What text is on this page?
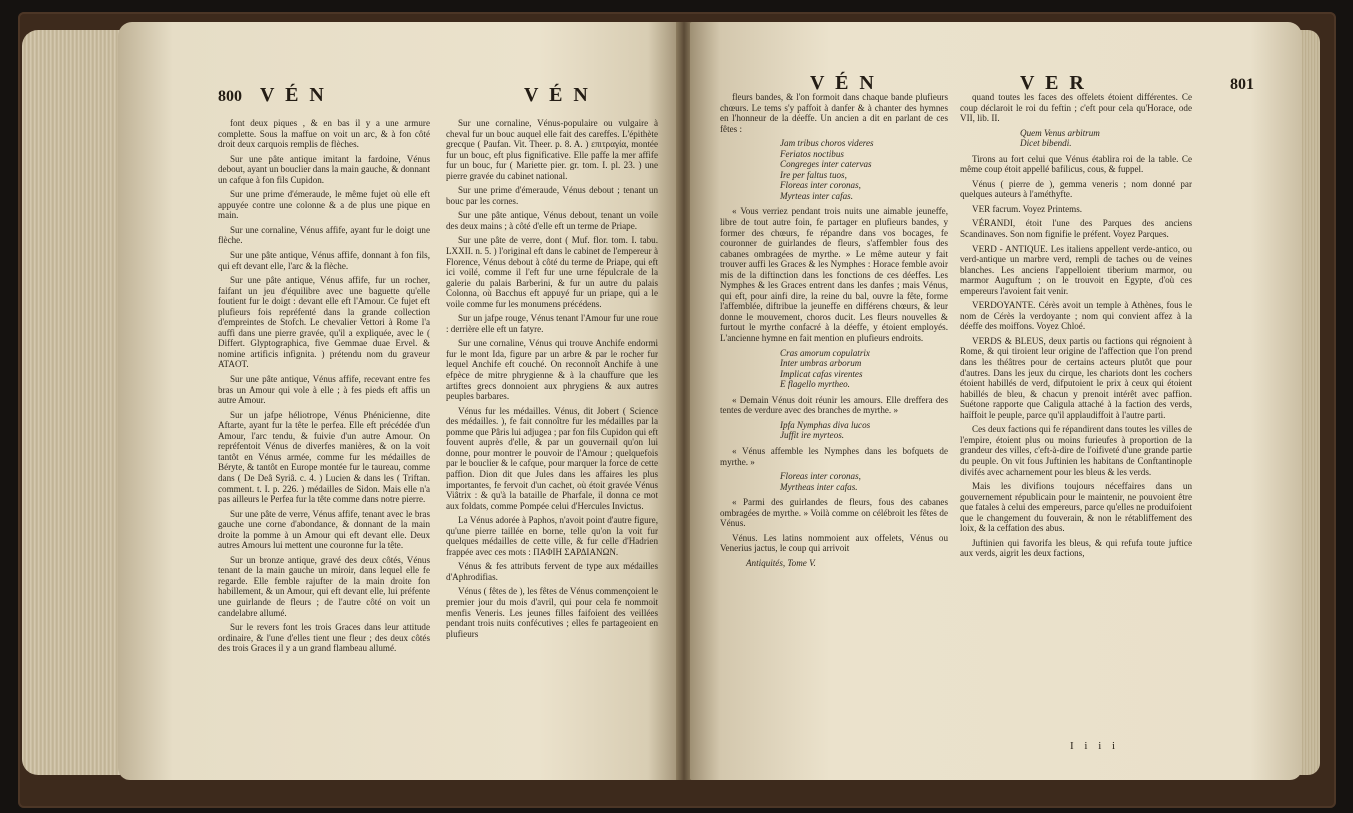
800 V É N	V É N

font deux piques , & en bas il y a une armure complette. Sous la maffue on voit un arc, & à fon côté droit deux carquois remplis de flèches.

Sur une pâte antique imitant la fardoine, Vénus debout, ayant un bouclier dans la main gauche, & donnant un cafque à fon fils Cupidon.

Sur une prime d'émeraude, le même fujet où elle eft appuyée contre une colonne & a de plus une pique en main.

Sur une cornaline, Vénus affife, ayant fur le doigt une flèche.

Sur une pâte antique, Vénus affife, donnant à fon fils, qui eft devant elle, l'arc & la flèche.

Sur une pâte antique, Vénus affife, fur un rocher, faifant un jeu d'équilibre avec une baguette qu'elle foutient fur le doigt : devant elle eft l'Amour. Ce fujet eft plufieurs fois repréfenté dans la grande collection d'empreintes de Stofch. Le chevalier Vettori à Rome l'a auffi dans une pierre gravée, qu'il a expliquée, avec le ( Differt. Glyptographica, five Gemmae duae Ervel. & nomine artificis infignita. ) prétendu nom du graveur ATAOT.

Sur une pâte antique, Vénus affife, recevant entre fes bras un Amour qui vole à elle ; à fes pieds eft affis un autre Amour.

Sur un jafpe héliotrope, Vénus Phénicienne, dite Aftarte, ayant fur la tête le perfea. Elle eft précédée d'un Amour, l'arc tendu, & fuivie d'un autre Amour. On repréfentoit Vénus de diverfes manières, & on la voit tantôt en Vénus armée, comme fur les médailles de Béryte, & tantôt en Europe montée fur le taureau, comme dans ( De Deâ Syriâ. c. 4. ) Lucien & dans les ( Triftan. comment. t. I. p. 226. ) médailles de Sidon. Mais elle n'a pas ailleurs le Perfea fur la tête comme dans notre pierre.

Sur une pâte de verre, Vénus affife, tenant avec le bras gauche une corne d'abondance, & donnant de la main droite la pomme à un Amour qui eft devant elle. Deux autres Amours lui mettent une couronne fur la tête.

Sur un bronze antique, gravé des deux côtés, Vénus tenant de la main gauche un miroir, dans lequel elle fe regarde. Elle femble rajufter de la main droite fon habillement, & un Amour, qui eft devant elle, lui préfente une guirlande de fleurs ; de l'autre côté on voit un candelabre allumé.

Sur le revers font les trois Graces dans leur attitude ordinaire, & l'une d'elles tient une fleur ; des deux côtés des trois Graces il y a un grand flambeau allumé.

Sur une cornaline, Vénus-populaire ou vulgaire à cheval fur un bouc auquel elle fait des careffes. L'épithète grecque ( Paufan. Vit. Theer. p. 8. A. ) επιτραγία, montée fur un bouc, eft plus fignificative. Elle paffe la mer affife fur un bouc, fur ( Mariette pier. gr. tom. I. pl. 23. ) une pierre gravée du cabinet national.

Sur une prime d'émeraude, Vénus debout ; tenant un bouc par les cornes.

Sur une pâte antique, Vénus debout, tenant un voile des deux mains ; à côté d'elle eft un terme de Priape.

Sur une pâte de verre, dont ( Muf. flor. tom. I. tabu. LXXII. n. 5. ) l'original eft dans le cabinet de l'empereur à Florence, Vénus debout à côté du terme de Priape, qui eft ici voilé, comme il l'eft fur une urne fépulcrale de la galerie du palais Barberini, & fur un autre du palais Colonna, où Bacchus eft appuyé fur un priape, qui a le voile comme fur les monumens précédens.

Sur un jafpe rouge, Vénus tenant l'Amour fur une roue : derrière elle eft un fatyre.

Sur une cornaline, Vénus qui trouve Anchife endormi fur le mont Ida, figure par un arbre & par le rocher fur lequel Anchife eft couché. On reconnoît Anchife à une efpèce de mitre phrygienne & à la chauffure que les artiftes grecs donnoient aux phrygiens & aux autres peuples barbares.

Vénus fur les médailles. Vénus, dit Jobert ( Science des médailles. ), fe fait connoître fur les médailles par la pomme que Pâris lui adjugea ; par fon fils Cupidon qui eft fouvent auprès d'elle, & par un gouvernail qu'on lui donne, pour montrer le pouvoir de l'Amour ; quelquefois par le bouclier & le cafque, pour marquer la force de cette paffion. Dion dit que Jules dans les affaires les plus importantes, fe fervoit d'un cachet, où étoit gravée Vénus Viâtrix : & qu'à la bataille de Pharfale, il donna ce mot aux foldats, comme Pompée celui d'Hercules Invictus.

La Vénus adorée à Paphos, n'avoit point d'autre figure, qu'une pierre taillée en borne, telle qu'on la voit fur quelques médailles de cette ville, & fur celle d'Hadrien frappée avec ces mots : ΠΑΦΙΗ ΣΑΡΔΙΑΝΩΝ.

Vénus & fes attributs fervent de type aux médailles d'Aphrodifias.

Vénus ( fêtes de ), les fêtes de Vénus commençoient le premier jour du mois d'avril, qui pour cela fe nommoit menfis Veneris. Les jeunes filles faifoient des veillées pendant trois nuits confécutives ; elles fe partageoient en plufieurs

V É N	V E R	801

fleurs bandes, & l'on formoit dans chaque bande plufieurs chœurs. Le tems s'y paffoit à danfer & à chanter des hymnes en l'honneur de la déeffe. Un ancien a dit en parlant de ces fêtes :

Jam tribus choros videres

Feriatos noctibus

Congreges inter catervas

Ire per faltus tuos,

Floreas inter coronas,

Myrteas inter cafas.

« Vous verriez pendant trois nuits une aimable jeuneffe, libre de tout autre foin, fe partager en plufieurs bandes, y former des chœurs, fe répandre dans vos bocages, fe couronner de guirlandes de fleurs, s'affembler fous des cabanes ombragées de myrthe. » Le même auteur y fait trouver auffi les Graces & les Nymphes : Horace femble avoir mis de la diftinction dans les fonctions de ces déeffes. Les Nymphes & les Graces entrent dans les danfes ; mais Vénus, qui eft, pour ainfi dire, la reine du bal, ouvre la fête, forme l'affemblée, diftribue la jeuneffe en différens chœurs, & leur donne le mouvement, choros ducit. Les fleurs nouvelles & furtout le myrthe confacré à la déeffe, y étoient employés. L'ancienne hymne en fait mention en plufieurs endroits.

Cras amorum copulatrix

Inter umbras arborum

Implicat cafas virentes

E flagello myrtheo.

« Demain Vénus doit réunir les amours. Elle dreffera des tentes de verdure avec des branches de myrthe. »

Ipfa Nymphas diva lucos

Juffit ire myrteos.

« Vénus affemble les Nymphes dans les bofquets de myrthe. »

Floreas inter coronas,

Myrtheas inter cafas.

« Parmi des guirlandes de fleurs, fous des cabanes ombragées de myrthe. » Voilà comme on célébroit les fêtes de Vénus.

Vénus. Les latins nommoient aux offelets, Vénus ou Venerius jactus, le coup qui arrivoit

Antiquités, Tome V.

quand toutes les faces des offelets étoient différentes. Ce coup déclaroit le roi du feftin ; c'eft pour cela qu'Horace, ode VII, lib. II.

Quem Venus arbitrum

Dicet bibendi.

Tirons au fort celui que Vénus établira roi de la table. Ce même coup étoit appellé bafilicus, cous, & fuppel.

Vénus ( pierre de ), gemma veneris ; nom donné par quelques auteurs à l'améthyfte.

VER facrum. Voyez Printems.

VÉRANDI, étoit l'une des Parques des anciens Scandinaves. Son nom fignifie le préfent. Voyez Parques.

VERD - ANTIQUE. Les italiens appellent verde-antico, ou verd-antique un marbre verd, rempli de taches ou de veines blanches. Les anciens l'appelloient tiberium marmor, ou marmor Auguftum ; on le trouvoit en Egypte, d'où ces empereurs l'avoient fait venir.

VERDOYANTE. Cérès avoit un temple à Athènes, fous le nom de Cérès la verdoyante ; nom qui convient affez à la déeffe des moiffons. Voyez Chloé.

VERDS & BLEUS, deux partis ou factions qui régnoient à Rome, & qui tiroient leur origine de l'affection que l'on prend dans les théâtres pour de certains acteurs plutôt que pour d'autres. Dans les jeux du cirque, les chariots dont les cochers étoient habillés de verd, difputoient le prix à ceux qui étoient habillés de bleu, & chacun y prenoit intérêt avec paffion. Suétone rapporte que Caligula attaché à la faction des verds, haïffoit le peuple, parce qu'il applaudiffoit à l'autre parti.

Ces deux factions qui fe répandirent dans toutes les villes de l'empire, étoient plus ou moins furieufes à proportion de la grandeur des villes, c'eft-à-dire de l'oifiveté d'une grande partie du peuple. On vit fous Juftinien les habitans de Conftantinople divifés avec acharnement pour les bleus & les verds.

Mais les divifions toujours néceffaires dans un gouvernement républicain pour le maintenir, ne pouvoient être que fatales à celui des empereurs, parce qu'elles ne produifoient que le changement du fouverain, & non le rétabliffement des loix, & la ceffation des abus.

Juftinien qui favorifa les bleus, & qui refufa toute juftice aux verds, aigrit les deux factions,

I i i i
